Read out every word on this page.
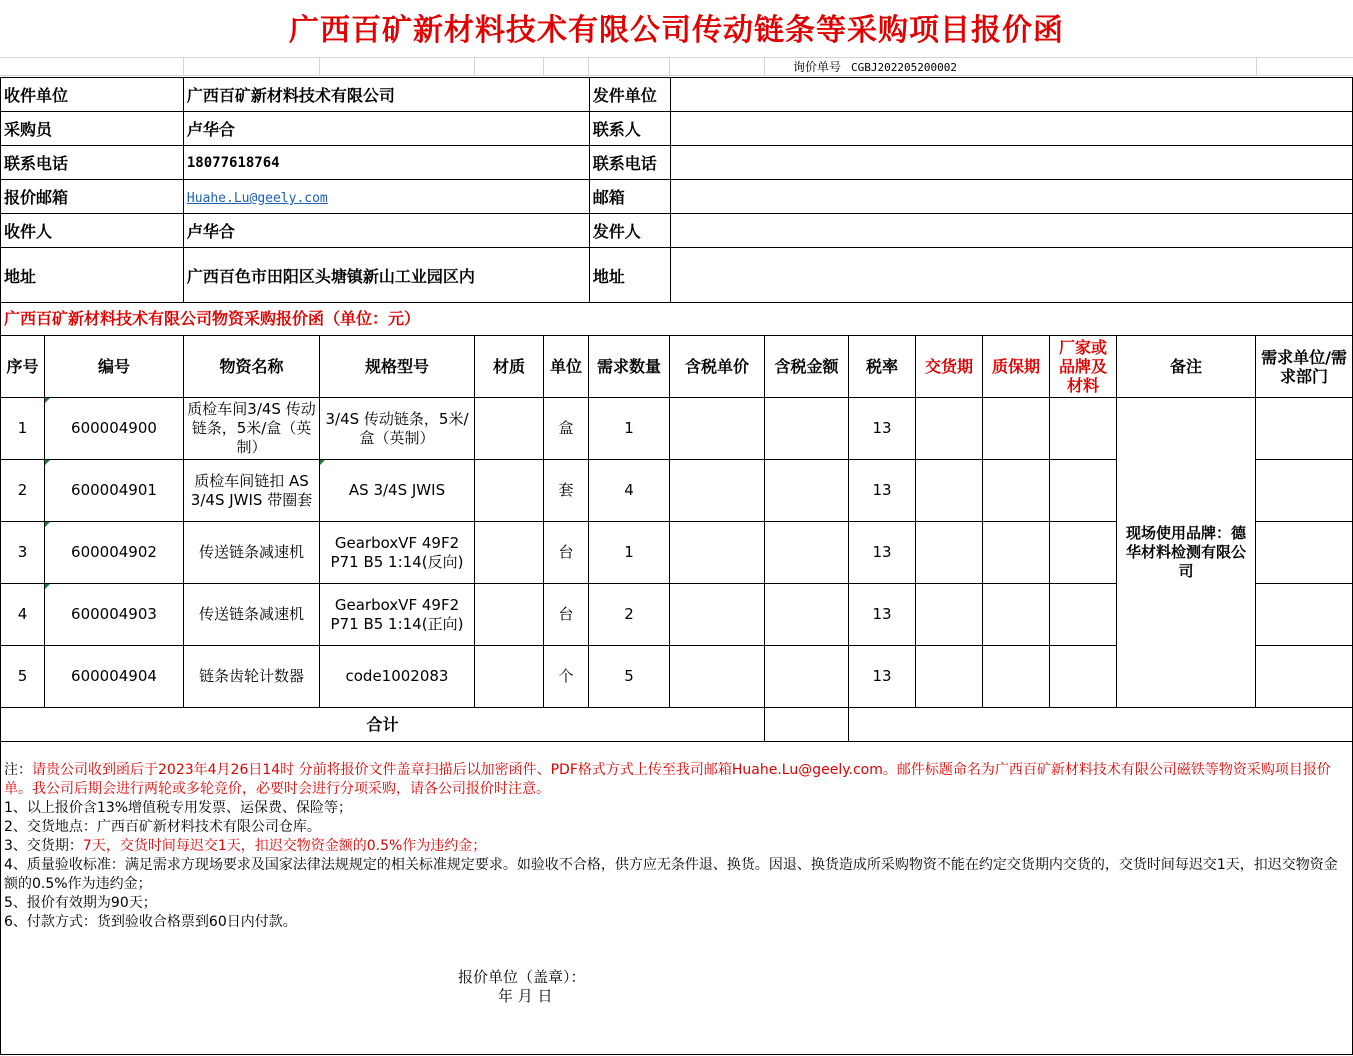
广西百矿新材料技术有限公司传动链条等采购项目报价函
询价单号 CGBJ202205200002
收件单位	广西百矿新材料技术有限公司	发件单位	
采购员	卢华合	联系人	
联系电话	18077618764	联系电话	
报价邮箱	Huahe.Lu@geely.com	邮箱	
收件人	卢华合	发件人	
地址	广西百色市田阳区头塘镇新山工业园区内	地址	
广西百矿新材料技术有限公司物资采购报价函（单位：元）
序号	编号	物资名称	规格型号	材质	单位	需求数量	含税单价	含税金额	税率	交货期	质保期	厂家或品牌及材料	备注	需求单位/需求部门
1	600004900	质检车间3/4S 传动链条，5米/盒（英制）	3/4S 传动链条，5米/盒（英制）		盒	1			13				现场使用品牌：德华材料检测有限公司	
2	600004901	质检车间链扣 AS 3/4S JWIS 带圈套	AS 3/4S JWIS		套	4			13					
3	600004902	传送链条减速机	GearboxVF 49F2 P71 B5 1:14(反向)		台	1			13					
4	600004903	传送链条减速机	GearboxVF 49F2 P71 B5 1:14(正向)		台	2			13					
5	600004904	链条齿轮计数器	code1002083		个	5			13					
合计														

注：请贵公司收到函后于2023年4月26日14时 分前将报价文件盖章扫描后以加密函件、PDF格式方式上传至我司邮箱Huahe.Lu@geely.com。邮件标题命名为广西百矿新材料技术有限公司磁铁等物资采购项目报价单。我公司后期会进行两轮或多轮竞价，必要时会进行分项采购，请各公司报价时注意。

1、以上报价含13%增值税专用发票、运保费、保险等；

2、交货地点：广西百矿新材料技术有限公司仓库。

3、交货期：7天，交货时间每迟交1天，扣迟交物资金额的0.5%作为违约金；

4、质量验收标准：满足需求方现场要求及国家法律法规规定的相关标准规定要求。如验收不合格，供方应无条件退、换货。因退、换货造成所采购物资不能在约定交货期内交货的，交货时间每迟交1天，扣迟交物资金额的0.5%作为违约金；

5、报价有效期为90天；

6、付款方式：货到验收合格票到60日内付款。

报价单位（盖章）：
年 月 日
